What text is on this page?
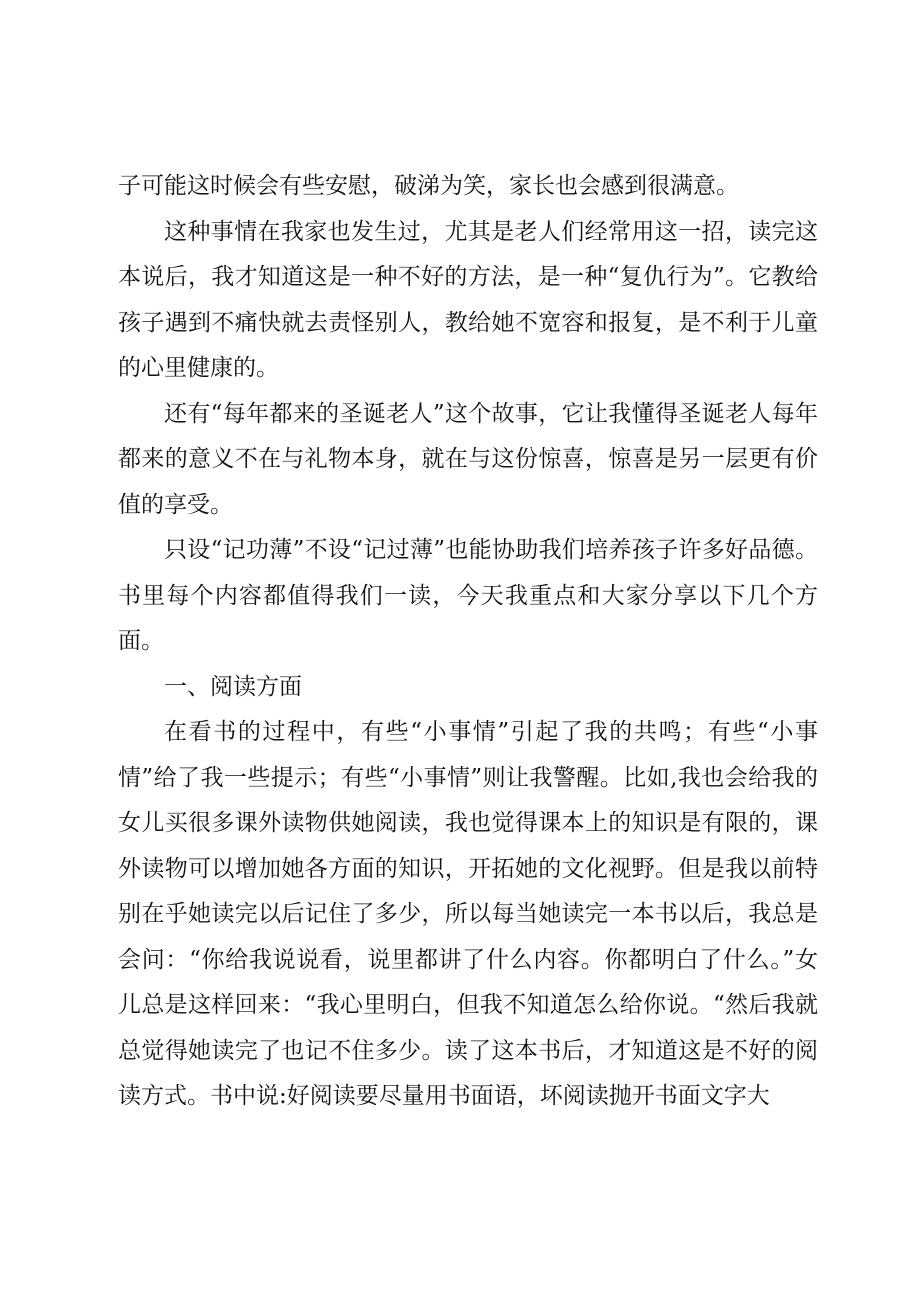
子可能这时候会有些安慰，破涕为笑，家长也会感到很满意。

这种事情在我家也发生过，尤其是老人们经常用这一招，读完这本说后，我才知道这是一种不好的方法，是一种“复仇行为”。它教给孩子遇到不痛快就去责怪别人，教给她不宽容和报复，是不利于儿童的心里健康的。

还有“每年都来的圣诞老人”这个故事，它让我懂得圣诞老人每年都来的意义不在与礼物本身，就在与这份惊喜，惊喜是另一层更有价值的享受。

只设“记功薄”不设“记过薄”也能协助我们培养孩子许多好品德。书里每个内容都值得我们一读，今天我重点和大家分享以下几个方面。

一、阅读方面

在看书的过程中，有些“小事情”引起了我的共鸣；有些“小事情”给了我一些提示；有些“小事情”则让我警醒。比如,我也会给我的女儿买很多课外读物供她阅读，我也觉得课本上的知识是有限的，课外读物可以增加她各方面的知识，开拓她的文化视野。但是我以前特别在乎她读完以后记住了多少，所以每当她读完一本书以后，我总是会问：“你给我说说看，说里都讲了什么内容。你都明白了什么。”女儿总是这样回来：“我心里明白，但我不知道怎么给你说。“然后我就总觉得她读完了也记不住多少。读了这本书后，才知道这是不好的阅读方式。书中说:好阅读要尽量用书面语，坏阅读抛开书面文字大
